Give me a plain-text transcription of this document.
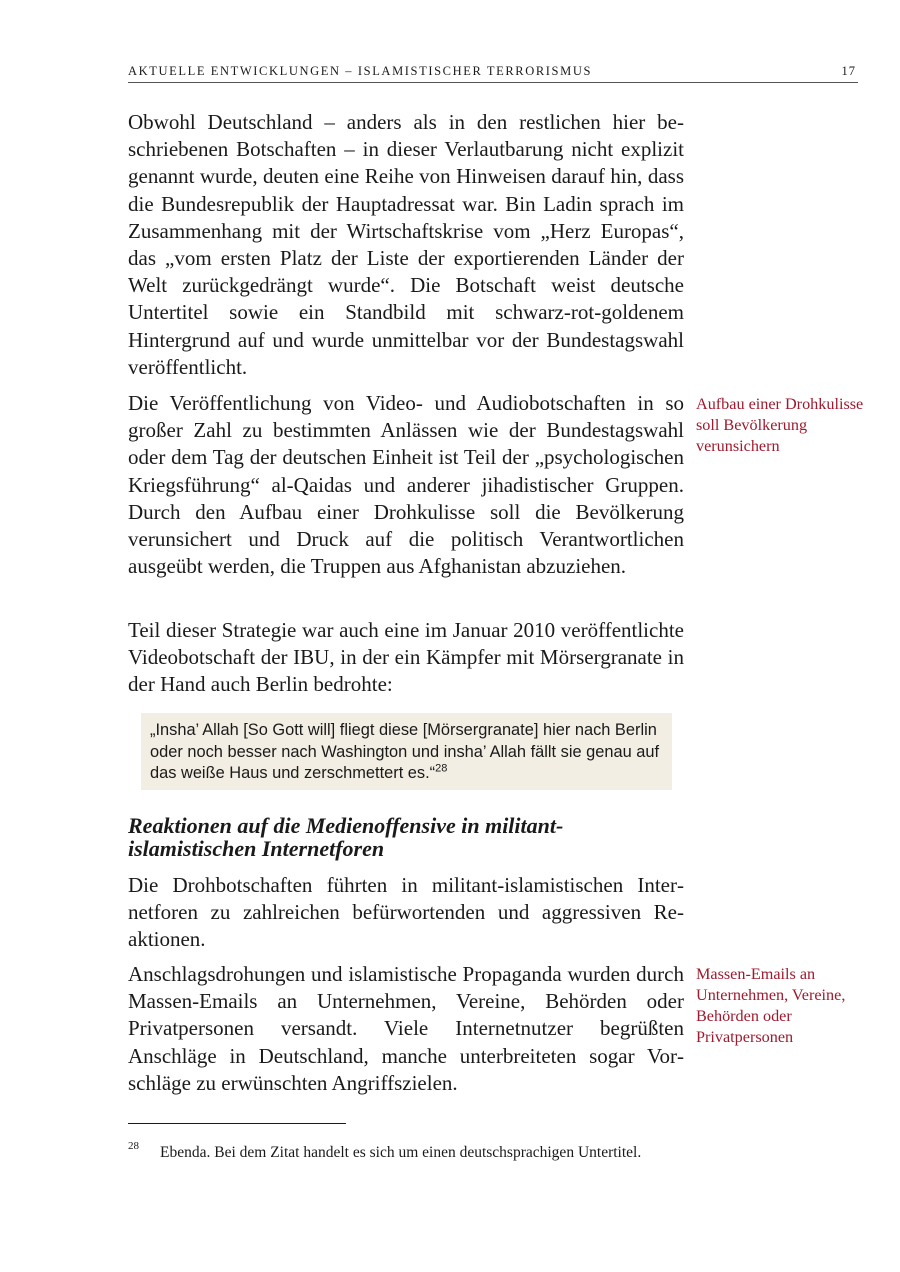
AKTUELLE ENTWICKLUNGEN – ISLAMISTISCHER TERRORISMUS	17

Obwohl Deutschland – anders als in den restlichen hier beschriebenen Botschaften – in dieser Verlautbarung nicht explizit genannt wurde, deuten eine Reihe von Hinweisen darauf hin, dass die Bundesrepublik der Hauptadressat war. Bin Ladin sprach im Zusammenhang mit der Wirtschaftskrise vom „Herz Europas“, das „vom ersten Platz der Liste der exportierenden Länder der Welt zurückgedrängt wurde“. Die Botschaft weist deutsche Untertitel sowie ein Standbild mit schwarz-rot-goldenem Hintergrund auf und wurde unmittelbar vor der Bundestagswahl veröffentlicht.

Die Veröffentlichung von Video- und Audiobotschaften in so großer Zahl zu bestimmten Anlässen wie der Bundestagswahl oder dem Tag der deutschen Einheit ist Teil der „psychologischen Kriegsführung“ al-Qaidas und anderer jihadistischer Gruppen. Durch den Aufbau einer Drohkulisse soll die Bevölkerung verunsichert und Druck auf die politisch Verantwortlichen ausgeübt werden, die Truppen aus Afghanistan abzuziehen.

Aufbau einer Drohkulisse soll Bevölkerung verunsichern

Teil dieser Strategie war auch eine im Januar 2010 veröffentlichte Videobotschaft der IBU, in der ein Kämpfer mit Mörsergranate in der Hand auch Berlin bedrohte:

„Insha’ Allah [So Gott will] fliegt diese [Mörsergranate] hier nach Berlin oder noch besser nach Washington und insha’ Allah fällt sie genau auf das weiße Haus und zerschmettert es.“$^{28}$

Reaktionen auf die Medienoffensive in militant-islamistischen Internetforen

Die Drohbotschaften führten in militant-islamistischen Internetforen zu zahlreichen befürwortenden und aggressiven Reaktionen.

Anschlagsdrohungen und islamistische Propaganda wurden durch Massen-Emails an Unternehmen, Vereine, Behörden oder Privatpersonen versandt. Viele Internetnutzer begrüßten Anschläge in Deutschland, manche unterbreiteten sogar Vorschläge zu erwünschten Angriffszielen.

Massen-Emails an Unternehmen, Vereine, Behörden oder Privatpersonen

28 Ebenda. Bei dem Zitat handelt es sich um einen deutschsprachigen Untertitel.
